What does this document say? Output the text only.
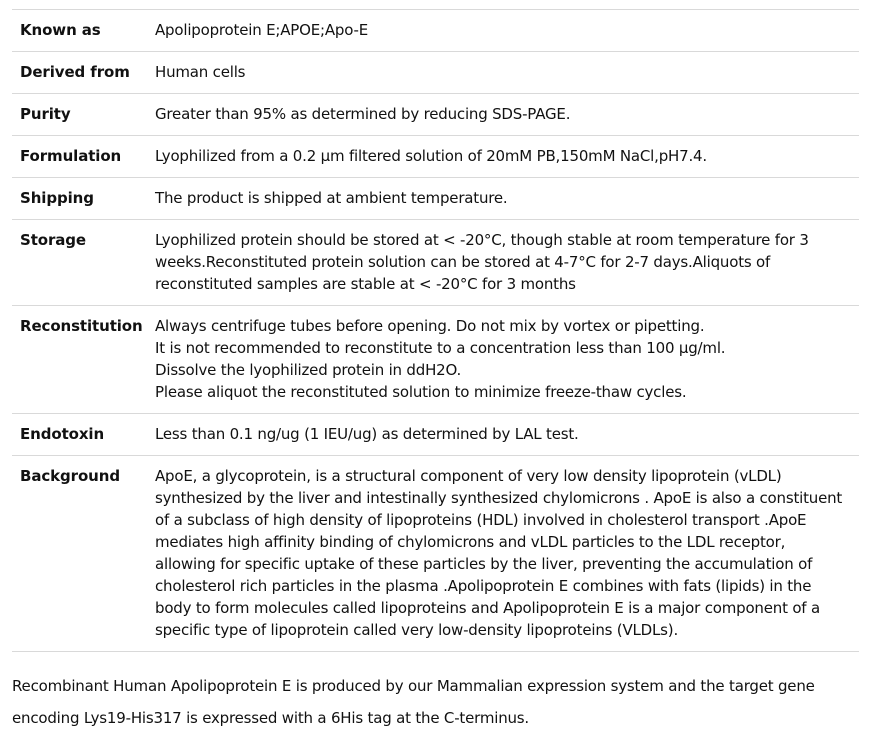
Known as	Apolipoprotein E;APOE;Apo-E
Derived from	Human cells
Purity	Greater than 95% as determined by reducing SDS-PAGE.
Formulation	Lyophilized from a 0.2 μm filtered solution of 20mM PB,150mM NaCl,pH7.4.
Shipping	The product is shipped at ambient temperature.
Storage	Lyophilized protein should be stored at < -20°C, though stable at room temperature for 3 weeks.Reconstituted protein solution can be stored at 4-7°C for 2-7 days.Aliquots of reconstituted samples are stable at < -20°C for 3 months
Reconstitution	Always centrifuge tubes before opening. Do not mix by vortex or pipetting.
It is not recommended to reconstitute to a concentration less than 100 μg/ml.
Dissolve the lyophilized protein in ddH2O.
Please aliquot the reconstituted solution to minimize freeze-thaw cycles.

Endotoxin	Less than 0.1 ng/ug (1 IEU/ug) as determined by LAL test.
Background	ApoE, a glycoprotein, is a structural component of very low density lipoprotein (vLDL) synthesized by the liver and intestinally synthesized chylomicrons . ApoE is also a constituent of a subclass of high density of lipoproteins (HDL) involved in cholesterol transport .ApoE mediates high affinity binding of chylomicrons and vLDL particles to the LDL receptor, allowing for specific uptake of these particles by the liver, preventing the accumulation of cholesterol rich particles in the plasma .Apolipoprotein E combines with fats (lipids) in the body to form molecules called lipoproteins and Apolipoprotein E is a major component of a specific type of lipoprotein called very low-density lipoproteins (VLDLs).
Recombinant Human Apolipoprotein E is produced by our Mammalian expression system and the target gene encoding Lys19-His317 is expressed with a 6His tag at the C-terminus.
